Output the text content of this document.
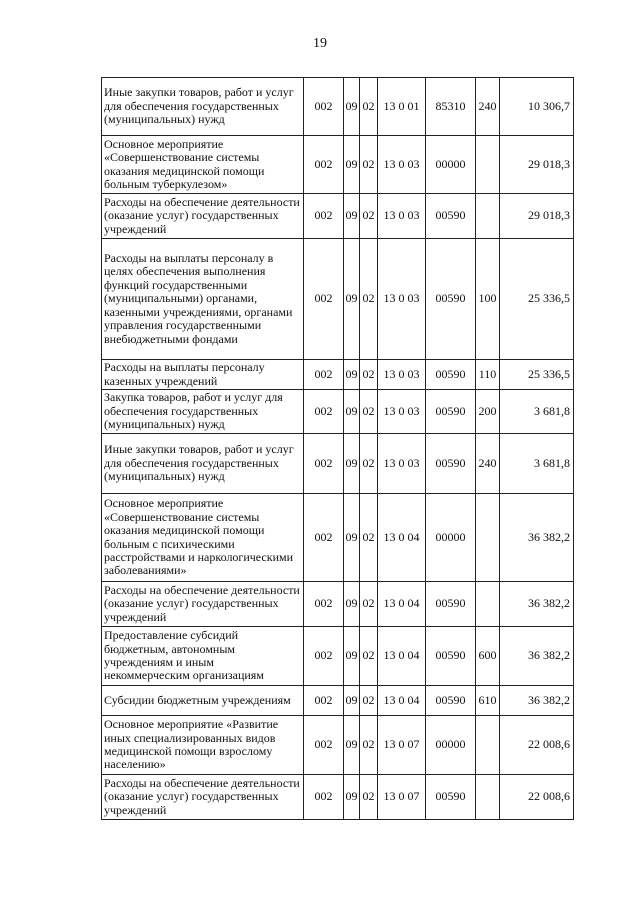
19
Иные закупки товаров, работ и услуг для обеспечения государственных (муниципальных) нужд	002	09	02	13 0 01	85310	240	10 306,7
Основное мероприятие «Совершенствование системы оказания медицинской помощи больным туберкулезом»	002	09	02	13 0 03	00000		29 018,3
Расходы на обеспечение деятельности (оказание услуг) государственных учреждений	002	09	02	13 0 03	00590		29 018,3
Расходы на выплаты персоналу в целях обеспечения выполнения функций государственными (муниципальными) органами, казенными учреждениями, органами управления государственными внебюджетными фондами	002	09	02	13 0 03	00590	100	25 336,5
Расходы на выплаты персоналу казенных учреждений	002	09	02	13 0 03	00590	110	25 336,5
Закупка товаров, работ и услуг для обеспечения государственных (муниципальных) нужд	002	09	02	13 0 03	00590	200	3 681,8
Иные закупки товаров, работ и услуг для обеспечения государственных (муниципальных) нужд	002	09	02	13 0 03	00590	240	3 681,8
Основное мероприятие «Совершенствование системы оказания медицинской помощи больным с психическими расстройствами и наркологическими заболеваниями»	002	09	02	13 0 04	00000		36 382,2
Расходы на обеспечение деятельности (оказание услуг) государственных учреждений	002	09	02	13 0 04	00590		36 382,2
Предоставление субсидий бюджетным, автономным учреждениям и иным некоммерческим организациям	002	09	02	13 0 04	00590	600	36 382,2
Субсидии бюджетным учреждениям	002	09	02	13 0 04	00590	610	36 382,2
Основное мероприятие «Развитие иных специализированных видов медицинской помощи взрослому населению»	002	09	02	13 0 07	00000		22 008,6
Расходы на обеспечение деятельности (оказание услуг) государственных учреждений	002	09	02	13 0 07	00590		22 008,6
